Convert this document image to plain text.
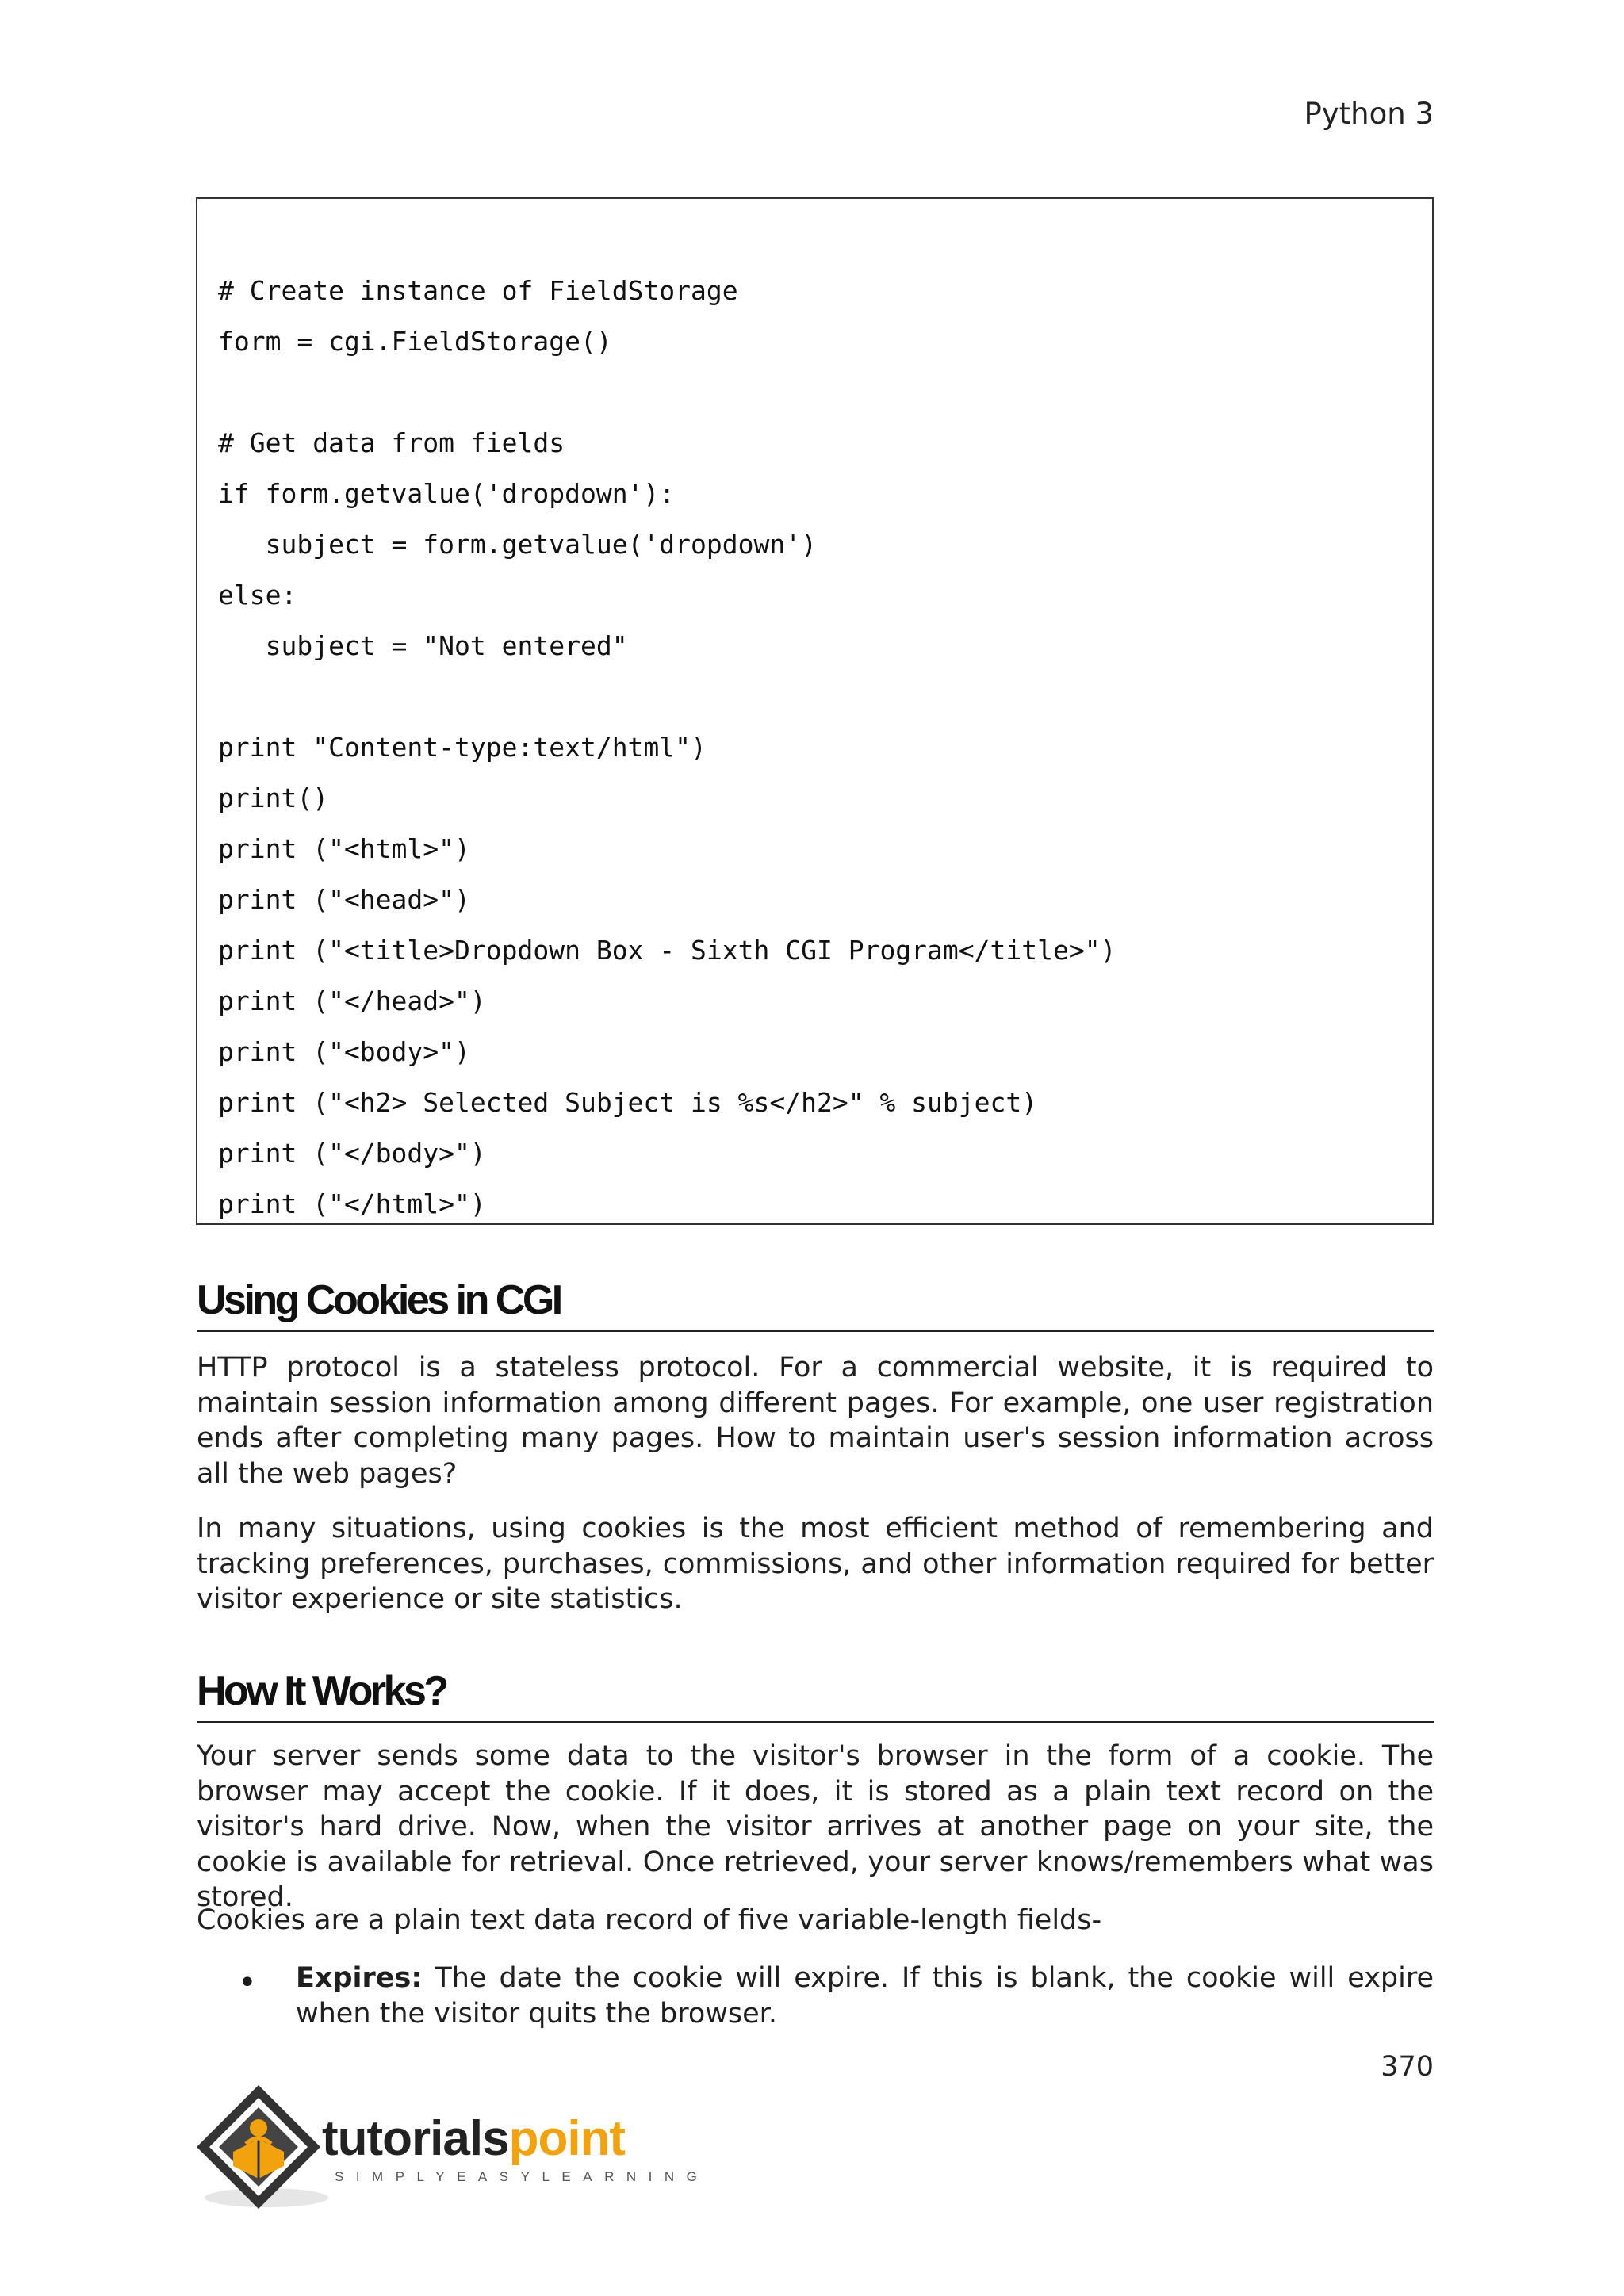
Python 3
# Create instance of FieldStorage
form = cgi.FieldStorage()
# Get data from fields
if form.getvalue('dropdown'):
subject = form.getvalue('dropdown')
else:
subject = "Not entered"
print "Content-type:text/html")
print()
print ("<html>")
print ("<head>")
print ("<title>Dropdown Box - Sixth CGI Program</title>")
print ("</head>")
print ("<body>")
print ("<h2> Selected Subject is %s</h2>" % subject)
print ("</body>")
print ("</html>")
Using Cookies in CGI
HTTP protocol is a stateless protocol. For a commercial website, it is required to maintain session information among different pages. For example, one user registration ends after completing many pages. How to maintain user's session information across all the web pages?
In many situations, using cookies is the most efficient method of remembering and tracking preferences, purchases, commissions, and other information required for better visitor experience or site statistics.
How It Works?
Your server sends some data to the visitor's browser in the form of a cookie. The browser may accept the cookie. If it does, it is stored as a plain text record on the visitor's hard drive. Now, when the visitor arrives at another page on your site, the cookie is available for retrieval. Once retrieved, your server knows/remembers what was stored.
Cookies are a plain text data record of five variable-length fields-
• Expires: The date the cookie will expire. If this is blank, the cookie will expire when the visitor quits the browser.
370
tutorialspoint
SIMPLYEASYLEARNING
